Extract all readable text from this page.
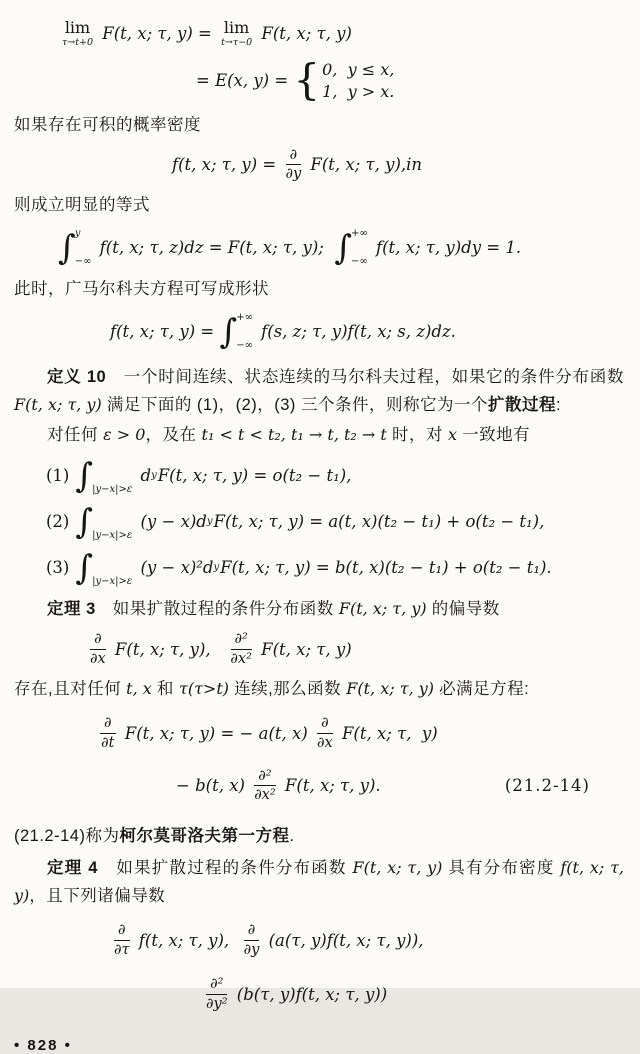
lim
τ→t+0 F(t, x; τ, y) = lim
t→τ−0 F(t, x; τ, y)
= E(x, y) = { 0,  y ≤ x,
1,  y > x.

如果存在可积的概率密度

f(t, x; τ, $y) = \frac{\partial}{\partial y} F(t$, x; τ, y),in

则成立明显的等式

∫ y
−∞
f(t, x; τ, z)dz = F(t, x; τ, y); ∫ +∞
−∞
f(t, x; τ, y)dy = 1.

此时，广马尔科夫方程可写成形状

f(t, x; τ, y) = ∫ +∞
−∞
f(s, z; τ, y)f(t, x; s, z)dz.

定义 10　一个时间连续、状态连续的马尔科夫过程，如果它的条件分布函数 F(t, x; τ, y) 满足下面的 (1)，(2)，(3) 三个条件，则称它为一个扩散过程:

对任何 ε > 0，及在 t₁ < t < t₂, t₁ → t, t₂ → t 时，对 x 一致地有

(1) ∫ |y−x|>ε
d y F(t, x; τ, y) = o(t₂ − t₁),
(2) ∫ |y−x|>ε
(y − x)d y F(t, x; τ, y) = a(t, x)(t₂ − t₁) + o(t₂ − t₁),
(3) ∫ |y−x|>ε
(y − x)²d y F(t, x; τ, y) = b(t, x)(t₂ − t₁) + o(t₂ − t₁).

定理 3　如果扩散过程的条件分布函数 F(t, x; τ, y) 的偏导数

$\frac{\partial}{\partial x} F(t$, x; τ, y), $\frac{\text{∂²}}{\text{∂x²}} F(t$, x; τ, y)

存在,且对任何 t, x 和 τ(τ>t) 连续,那么函数 F(t, x; τ, y) 必满足方程:

$\frac{\partial}{\partial t} F(t$, x; τ, y) = − a(t, $x) \frac{\partial}{\partial x} F(t$, x; τ,  y)
− b(t, $x) \frac{\text{∂²}}{\text{∂x²}} F(t$, x; τ, y).	(21.2-14)

(21.2-14)称为柯尔莫哥洛夫第一方程.

定理 4　如果扩散过程的条件分布函数 F(t, x; τ, y) 具有分布密度 f(t, x; τ, y)，且下列诸偏导数

$\frac{\partial}{\partial\tau} f(t$, x; τ, y), $\frac{\partial}{\partial y} (a(\tau$, y)f(t, x; τ, y)),
$\frac{\text{∂²}}{\text{∂y²}} (b(\tau$, y)f(t, x; τ, y))
• 828 •
